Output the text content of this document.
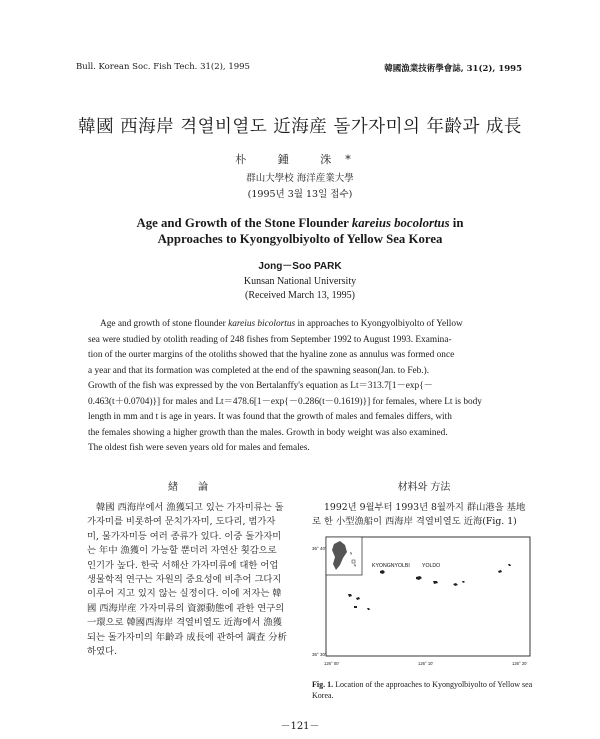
Bull. Korean Soc. Fish Tech. 31(2), 1995	韓國漁業技術學會誌, 31(2), 1995
韓國 西海岸 격열비열도 近海産 돌가자미의 年齡과 成長
朴 鍾 洙*
群山大學校 海洋産業大學
(1995년 3월 13일 접수)
Age and Growth of the Stone Flounder kareius bocolortus in
Approaches to Kyongyolbiyolto of Yellow Sea Korea
Jong－Soo PARK
Kunsan National University
(Received March 13, 1995)
Age and growth of stone flounder kareius bicolortus in approaches to Kyongyolbiyolto of Yellow
sea were studied by otolith reading of 248 fishes from September 1992 to August 1993. Examina-
tion of the ourter margins of the otoliths showed that the hyaline zone as annulus was formed once
a year and that its formation was completed at the end of the spawning season(Jan. to Feb.).
Growth of the fish was expressed by the von Bertalanffy's equation as Lt＝313.7[1－exp{－
0.463(t＋0.0704)}] for males and Lt＝478.6[1－exp{－0.286(t－0.1619)}] for females, where Lt is body
length in mm and t is age in years. It was found that the growth of males and females differs, with
the females showing a higher growth than the males. Growth in body weight was also examined.
The oldest fish were seven years old for males and females.
緖　　論	材料와 方法
韓國 西海岸에서 漁獲되고 있는 가자미류는 돌
가자미를 비롯하여 문치가자미, 도다리, 범가자
미, 물가자미등 여러 종류가 있다. 이중 돌가자미
는 年中 漁獲이 가능할 뿐더러 자연산 횟감으로
인기가 높다. 한국 서해산 가자미류에 대한 어업
생물학적 연구는 자원의 중요성에 비추어 그다지
이루어 지고 있지 않는 실정이다. 이에 저자는 韓
國 西海岸産 가자미류의 資源動態에 관한 연구의
一環으로 韓國西海岸 격열비열도 近海에서 漁獲
되는 돌가자미의 年齡과 成長에 관하여 調査 分析
하였다.
1992년 9월부터 1993년 8월까지 群山港을 基地
로 한 小型漁船이 西海岸 격열비열도 近海(Fig. 1)
36° 40'
36° 30'
126° 00'	126° 10'	126° 20'
KYONGNYOLBI YOLDO
Fig. 1. Location of the approaches to Kyongyolbiyolto of Yellow sea Korea.
－121－
